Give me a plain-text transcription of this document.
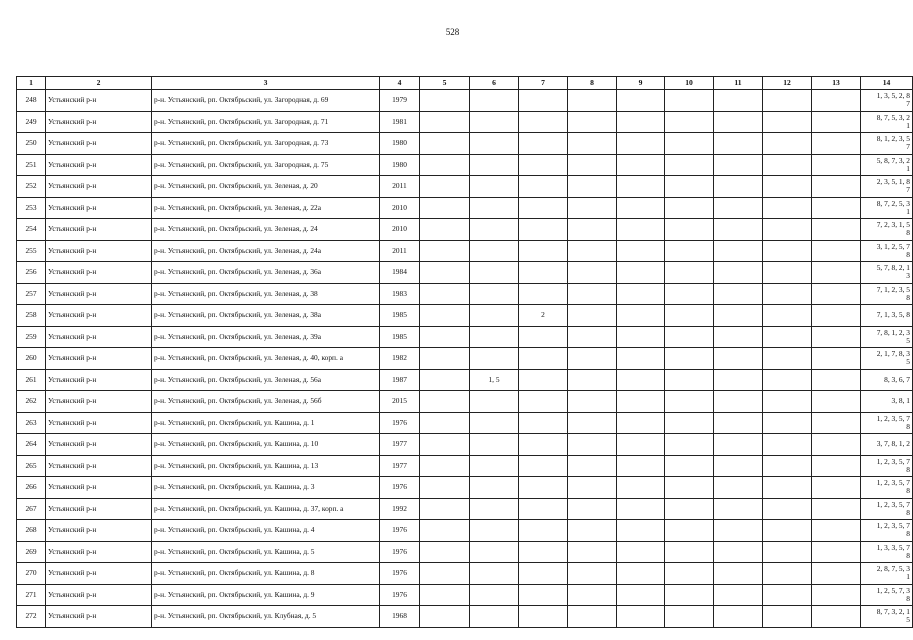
528
1	2	3	4	5	6	7	8	9	10	11	12	13	14
248	Устьянский р-н	р-н. Устьянский, рп. Октябрьский, ул. Загородная, д. 69	1979										1, 3, 5, 2, 8
7
249	Устьянский р-н	р-н. Устьянский, рп. Октябрьский, ул. Загородная, д. 71	1981										8, 7, 5, 3, 2
1
250	Устьянский р-н	р-н. Устьянский, рп. Октябрьский, ул. Загородная, д. 73	1980										8, 1, 2, 3, 5
7
251	Устьянский р-н	р-н. Устьянский, рп. Октябрьский, ул. Загородная, д. 75	1980										5, 8, 7, 3, 2
1
252	Устьянский р-н	р-н. Устьянский, рп. Октябрьский, ул. Зеленая, д. 20	2011										2, 3, 5, 1, 8
7
253	Устьянский р-н	р-н. Устьянский, рп. Октябрьский, ул. Зеленая, д. 22а	2010										8, 7, 2, 5, 3
1
254	Устьянский р-н	р-н. Устьянский, рп. Октябрьский, ул. Зеленая, д. 24	2010										7, 2, 3, 1, 5
8
255	Устьянский р-н	р-н. Устьянский, рп. Октябрьский, ул. Зеленая, д. 24а	2011										3, 1, 2, 5, 7
8
256	Устьянский р-н	р-н. Устьянский, рп. Октябрьский, ул. Зеленая, д. 36а	1984										5, 7, 8, 2, 1
3
257	Устьянский р-н	р-н. Устьянский, рп. Октябрьский, ул. Зеленая, д. 38	1983										7, 1, 2, 3, 5
8
258	Устьянский р-н	р-н. Устьянский, рп. Октябрьский, ул. Зеленая, д. 38а	1985			2							7, 1, 3, 5, 8
259	Устьянский р-н	р-н. Устьянский, рп. Октябрьский, ул. Зеленая, д. 39а	1985										7, 8, 1, 2, 3
5
260	Устьянский р-н	р-н. Устьянский, рп. Октябрьский, ул. Зеленая, д. 40, корп. а	1982										2, 1, 7, 8, 3
5
261	Устьянский р-н	р-н. Устьянский, рп. Октябрьский, ул. Зеленая, д. 56а	1987		1, 5								8, 3, 6, 7
262	Устьянский р-н	р-н. Устьянский, рп. Октябрьский, ул. Зеленая, д. 56б	2015										3, 8, 1
263	Устьянский р-н	р-н. Устьянский, рп. Октябрьский, ул. Кашина, д. 1	1976										1, 2, 3, 5, 7
8
264	Устьянский р-н	р-н. Устьянский, рп. Октябрьский, ул. Кашина, д. 10	1977										3, 7, 8, 1, 2
265	Устьянский р-н	р-н. Устьянский, рп. Октябрьский, ул. Кашина, д. 13	1977										1, 2, 3, 5, 7
8
266	Устьянский р-н	р-н. Устьянский, рп. Октябрьский, ул. Кашина, д. 3	1976										1, 2, 3, 5, 7
8
267	Устьянский р-н	р-н. Устьянский, рп. Октябрьский, ул. Кашина, д. 37, корп. а	1992										1, 2, 3, 5, 7
8
268	Устьянский р-н	р-н. Устьянский, рп. Октябрьский, ул. Кашина, д. 4	1976										1, 2, 3, 5, 7
8
269	Устьянский р-н	р-н. Устьянский, рп. Октябрьский, ул. Кашина, д. 5	1976										1, 3, 3, 5, 7
8
270	Устьянский р-н	р-н. Устьянский, рп. Октябрьский, ул. Кашина, д. 8	1976										2, 8, 7, 5, 3
1
271	Устьянский р-н	р-н. Устьянский, рп. Октябрьский, ул. Кашина, д. 9	1976										1, 2, 5, 7, 3
8
272	Устьянский р-н	р-н. Устьянский, рп. Октябрьский, ул. Клубная, д. 5	1968										8, 7, 3, 2, 1
5
